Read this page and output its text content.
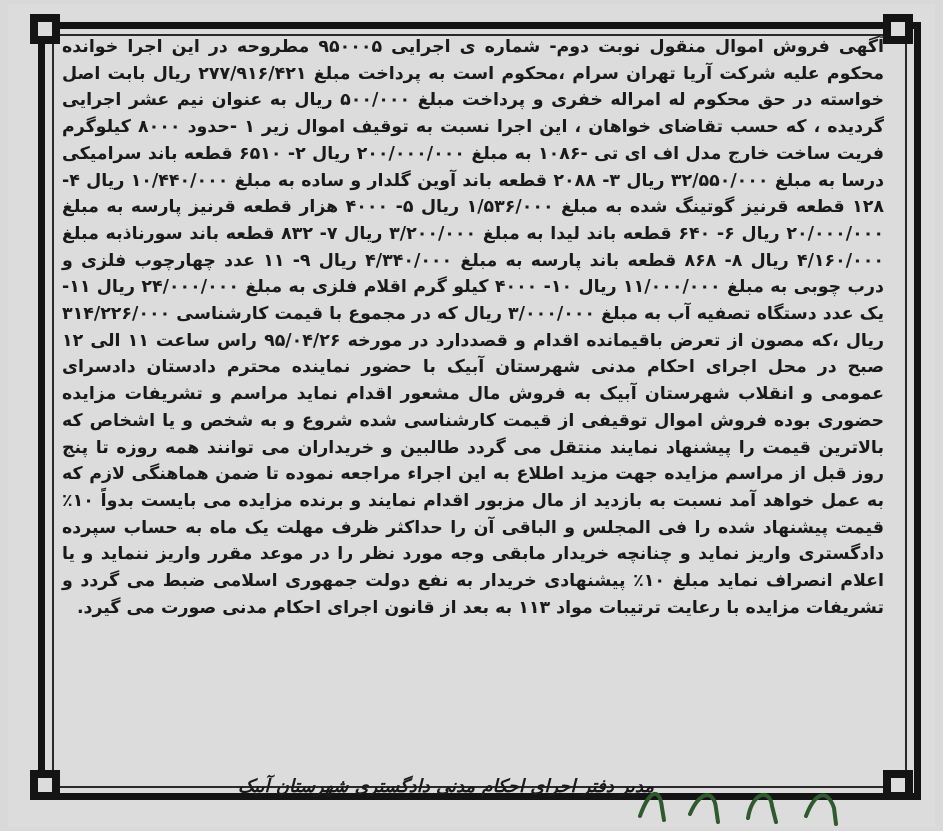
آگهی فروش اموال منقول نوبت دوم- شماره ی اجرایی ۹۵۰۰۰۵ مطروحه در این اجرا خوانده محکوم علیه شرکت آریا تهران سرام ،محکوم است به پرداخت مبلغ ۲۷۷/۹۱۶/۴۲۱ ریال بابت اصل خواسته در حق محکوم له امراله خفری و پرداخت مبلغ ۵۰۰/۰۰۰ ریال به عنوان نیم عشر اجرایی گردیده ، که حسب تقاضای خواهان ، این اجرا نسبت به توقیف اموال زیر ۱ -حدود ۸۰۰۰ کیلوگرم فریت ساخت خارج مدل اف ای تی -۱۰۸۶ به مبلغ ۲۰۰/۰۰۰/۰۰۰ ریال ۲- ۶۵۱۰ قطعه باند سرامیکی درسا به مبلغ ۳۲/۵۵۰/۰۰۰ ریال ۳- ۲۰۸۸ قطعه باند آوین گلدار و ساده به مبلغ ۱۰/۴۴۰/۰۰۰ ریال ۴- ۱۲۸ قطعه قرنیز گوتینگ شده به مبلغ ۱/۵۳۶/۰۰۰ ریال ۵- ۴۰۰۰ هزار قطعه قرنیز پارسه به مبلغ ۲۰/۰۰۰/۰۰۰ ریال ۶- ۶۴۰ قطعه باند لیدا به مبلغ ۳/۲۰۰/۰۰۰ ریال ۷- ۸۳۲ قطعه باند سورناذبه مبلغ ۴/۱۶۰/۰۰۰ ریال ۸- ۸۶۸ قطعه باند پارسه به مبلغ ۴/۳۴۰/۰۰۰ ریال ۹- ۱۱ عدد چهارچوب فلزی و درب چوبی به مبلغ ۱۱/۰۰۰/۰۰۰ ریال ۱۰- ۴۰۰۰ کیلو گرم اقلام فلزی به مبلغ ۲۴/۰۰۰/۰۰۰ ریال ۱۱- یک عدد دستگاه تصفیه آب به مبلغ ۳/۰۰۰/۰۰۰ ریال که در مجموع با قیمت کارشناسی ۳۱۴/۲۲۶/۰۰۰ ریال ،که مصون از تعرض باقیمانده اقدام و قصددارد در مورخه ۹۵/۰۴/۲۶ راس ساعت ۱۱ الی ۱۲ صبح در محل اجرای احکام مدنی شهرستان آبیک با حضور نماینده محترم دادستان دادسرای عمومی و انقلاب شهرستان آبیک به فروش مال مشعور اقدام نماید مراسم و تشریفات مزایده حضوری بوده فروش اموال توقیفی از قیمت کارشناسی شده شروع و به شخص و یا اشخاص که بالاترین قیمت را پیشنهاد نمایند منتقل می گردد طالبین و خریداران می توانند همه روزه تا پنج روز قبل از مراسم مزایده جهت مزید اطلاع به این اجراء مراجعه نموده تا ضمن هماهنگی لازم که به عمل خواهد آمد نسبت به بازدید از مال مزبور اقدام نمایند و برنده مزایده می بایست بدواً ۱۰٪ قیمت پیشنهاد شده را فی المجلس و الباقی آن را حداکثر ظرف مهلت یک ماه به حساب سپرده دادگستری واریز نماید و چنانچه خریدار مابقی وجه مورد نظر را در موعد مقرر واریز ننماید و یا اعلام انصراف نماید مبلغ ۱۰٪ پیشنهادی خریدار به نفع دولت جمهوری اسلامی ضبط می گردد و تشریفات مزایده با رعایت ترتیبات مواد ۱۱۳ به بعد از قانون اجرای احکام مدنی صورت می گیرد.

مدیر دفتر اجرای احکام مدنی دادگستری شهرستان آبیک
